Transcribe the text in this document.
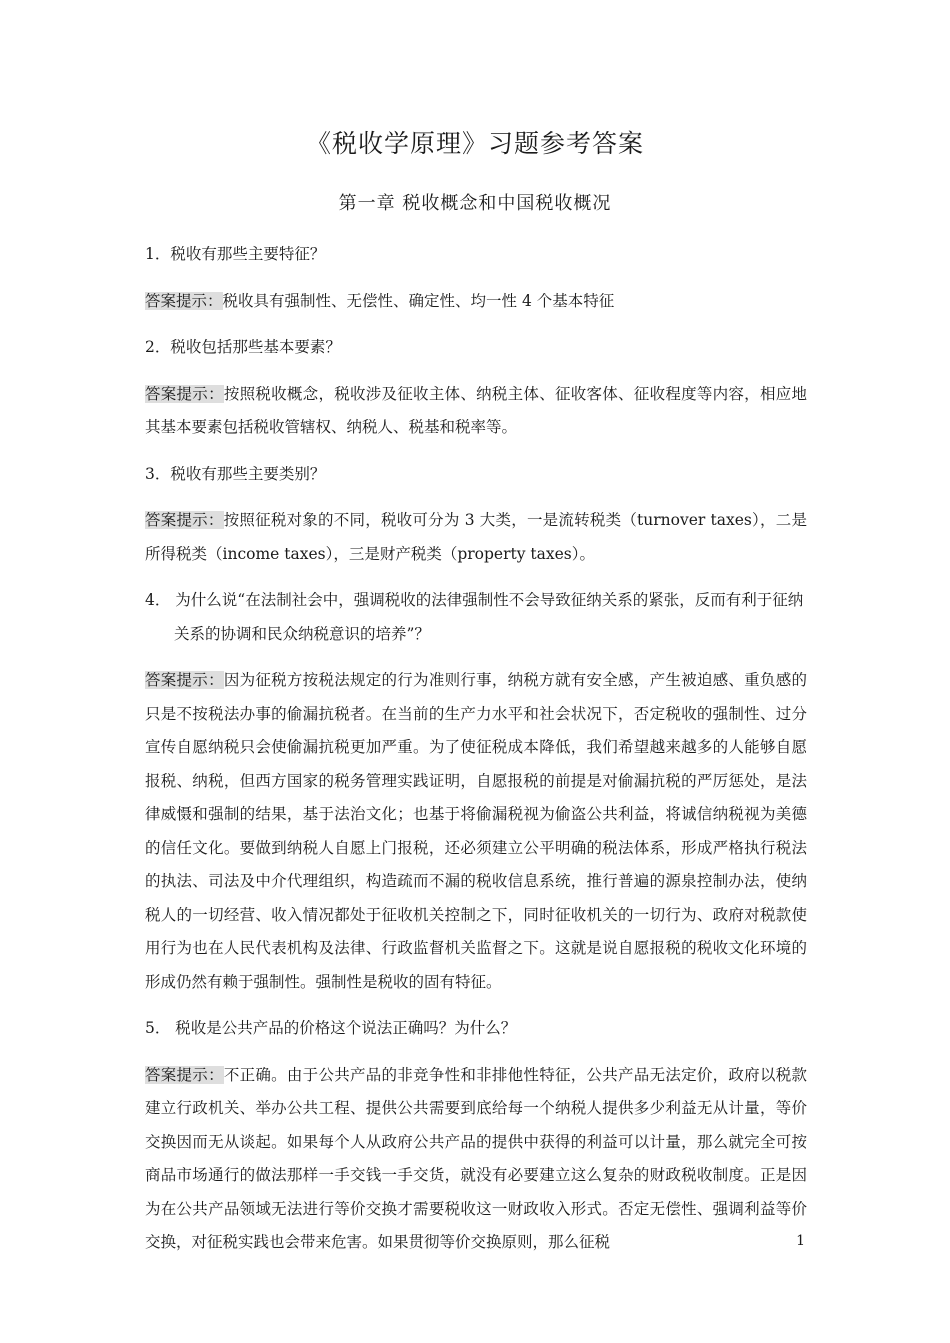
《税收学原理》习题参考答案
第一章 税收概念和中国税收概况

1．税收有那些主要特征？

答案提示：税收具有强制性、无偿性、确定性、均一性 4 个基本特征

2．税收包括那些基本要素？

答案提示：按照税收概念，税收涉及征收主体、纳税主体、征收客体、征收程度等内容，相应地其基本要素包括税收管辖权、纳税人、税基和税率等。

3．税收有那些主要类别？

答案提示：按照征税对象的不同，税收可分为 3 大类，一是流转税类（turnover taxes），二是所得税类（income taxes），三是财产税类（property taxes）。

4． 为什么说“在法制社会中，强调税收的法律强制性不会导致征纳关系的紧张，反而有利于征纳关系的协调和民众纳税意识的培养”？

答案提示：因为征税方按税法规定的行为准则行事，纳税方就有安全感，产生被迫感、重负感的只是不按税法办事的偷漏抗税者。在当前的生产力水平和社会状况下，否定税收的强制性、过分宣传自愿纳税只会使偷漏抗税更加严重。为了使征税成本降低，我们希望越来越多的人能够自愿报税、纳税，但西方国家的税务管理实践证明，自愿报税的前提是对偷漏抗税的严厉惩处，是法律威慑和强制的结果，基于法治文化；也基于将偷漏税视为偷盗公共利益，将诚信纳税视为美德的信任文化。要做到纳税人自愿上门报税，还必须建立公平明确的税法体系，形成严格执行税法的执法、司法及中介代理组织，构造疏而不漏的税收信息系统，推行普遍的源泉控制办法，使纳税人的一切经营、收入情况都处于征收机关控制之下，同时征收机关的一切行为、政府对税款使用行为也在人民代表机构及法律、行政监督机关监督之下。这就是说自愿报税的税收文化环境的形成仍然有赖于强制性。强制性是税收的固有特征。

5． 税收是公共产品的价格这个说法正确吗？为什么？

答案提示：不正确。由于公共产品的非竞争性和非排他性特征，公共产品无法定价，政府以税款建立行政机关、举办公共工程、提供公共需要到底给每一个纳税人提供多少利益无从计量，等价交换因而无从谈起。如果每个人从政府公共产品的提供中获得的利益可以计量，那么就完全可按商品市场通行的做法那样一手交钱一手交货，就没有必要建立这么复杂的财政税收制度。正是因为在公共产品领域无法进行等价交换才需要税收这一财政收入形式。否定无偿性、强调利益等价交换，对征税实践也会带来危害。如果贯彻等价交换原则，那么征税	1
